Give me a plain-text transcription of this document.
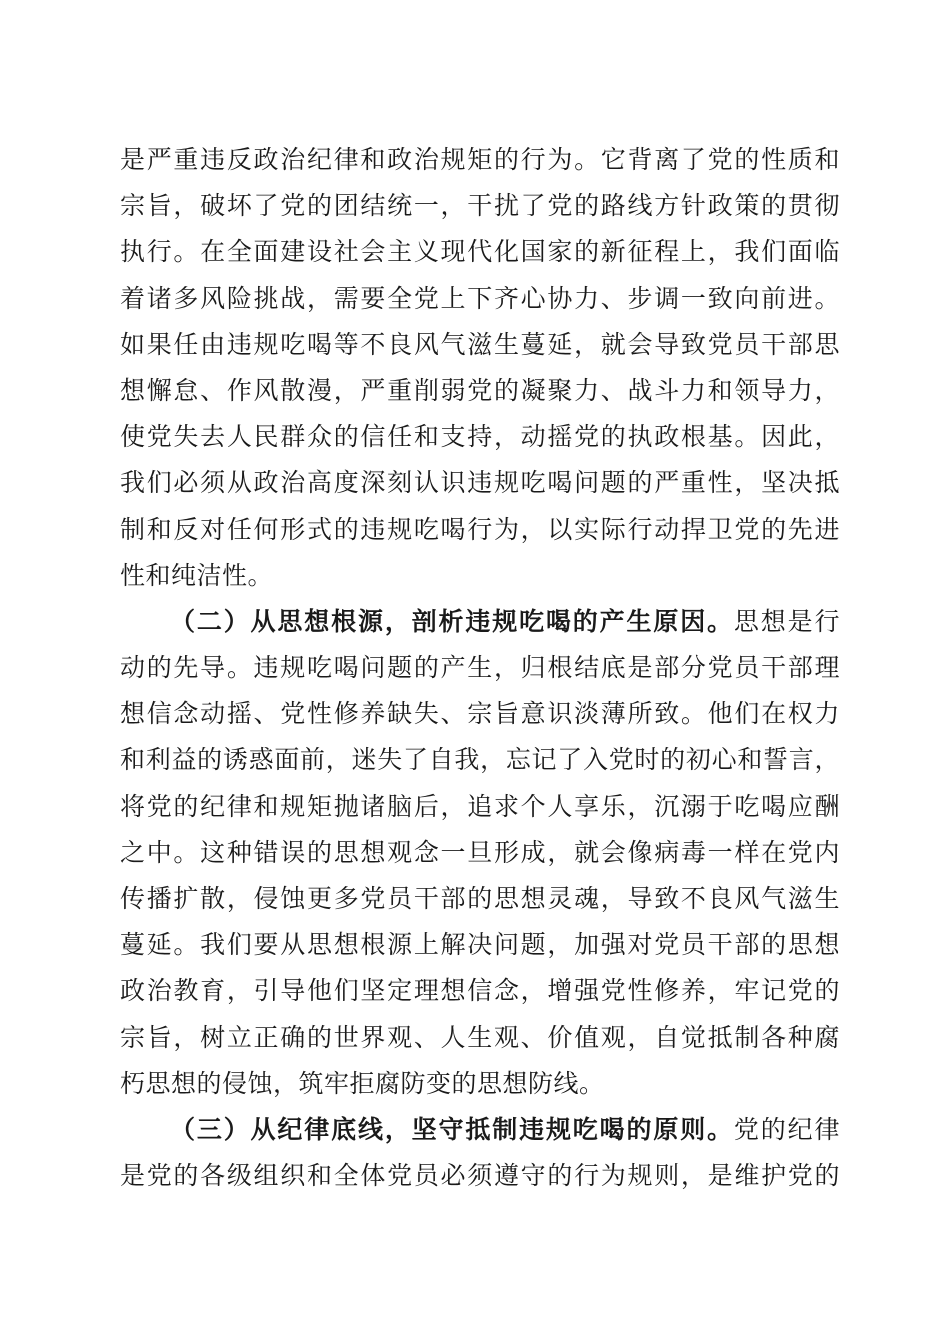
是严重违反政治纪律和政治规矩的行为。它背离了党的性质和
宗旨，破坏了党的团结统一，干扰了党的路线方针政策的贯彻
执行。在全面建设社会主义现代化国家的新征程上，我们面临
着诸多风险挑战，需要全党上下齐心协力、步调一致向前进。
如果任由违规吃喝等不良风气滋生蔓延，就会导致党员干部思
想懈怠、作风散漫，严重削弱党的凝聚力、战斗力和领导力，
使党失去人民群众的信任和支持，动摇党的执政根基。因此，
我们必须从政治高度深刻认识违规吃喝问题的严重性，坚决抵
制和反对任何形式的违规吃喝行为，以实际行动捍卫党的先进
性和纯洁性。
（二）从思想根源，剖析违规吃喝的产生原因。思想是行
动的先导。违规吃喝问题的产生，归根结底是部分党员干部理
想信念动摇、党性修养缺失、宗旨意识淡薄所致。他们在权力
和利益的诱惑面前，迷失了自我，忘记了入党时的初心和誓言，
将党的纪律和规矩抛诸脑后，追求个人享乐，沉溺于吃喝应酬
之中。这种错误的思想观念一旦形成，就会像病毒一样在党内
传播扩散，侵蚀更多党员干部的思想灵魂，导致不良风气滋生
蔓延。我们要从思想根源上解决问题，加强对党员干部的思想
政治教育，引导他们坚定理想信念，增强党性修养，牢记党的
宗旨，树立正确的世界观、人生观、价值观，自觉抵制各种腐
朽思想的侵蚀，筑牢拒腐防变的思想防线。
（三）从纪律底线，坚守抵制违规吃喝的原则。党的纪律
是党的各级组织和全体党员必须遵守的行为规则，是维护党的
